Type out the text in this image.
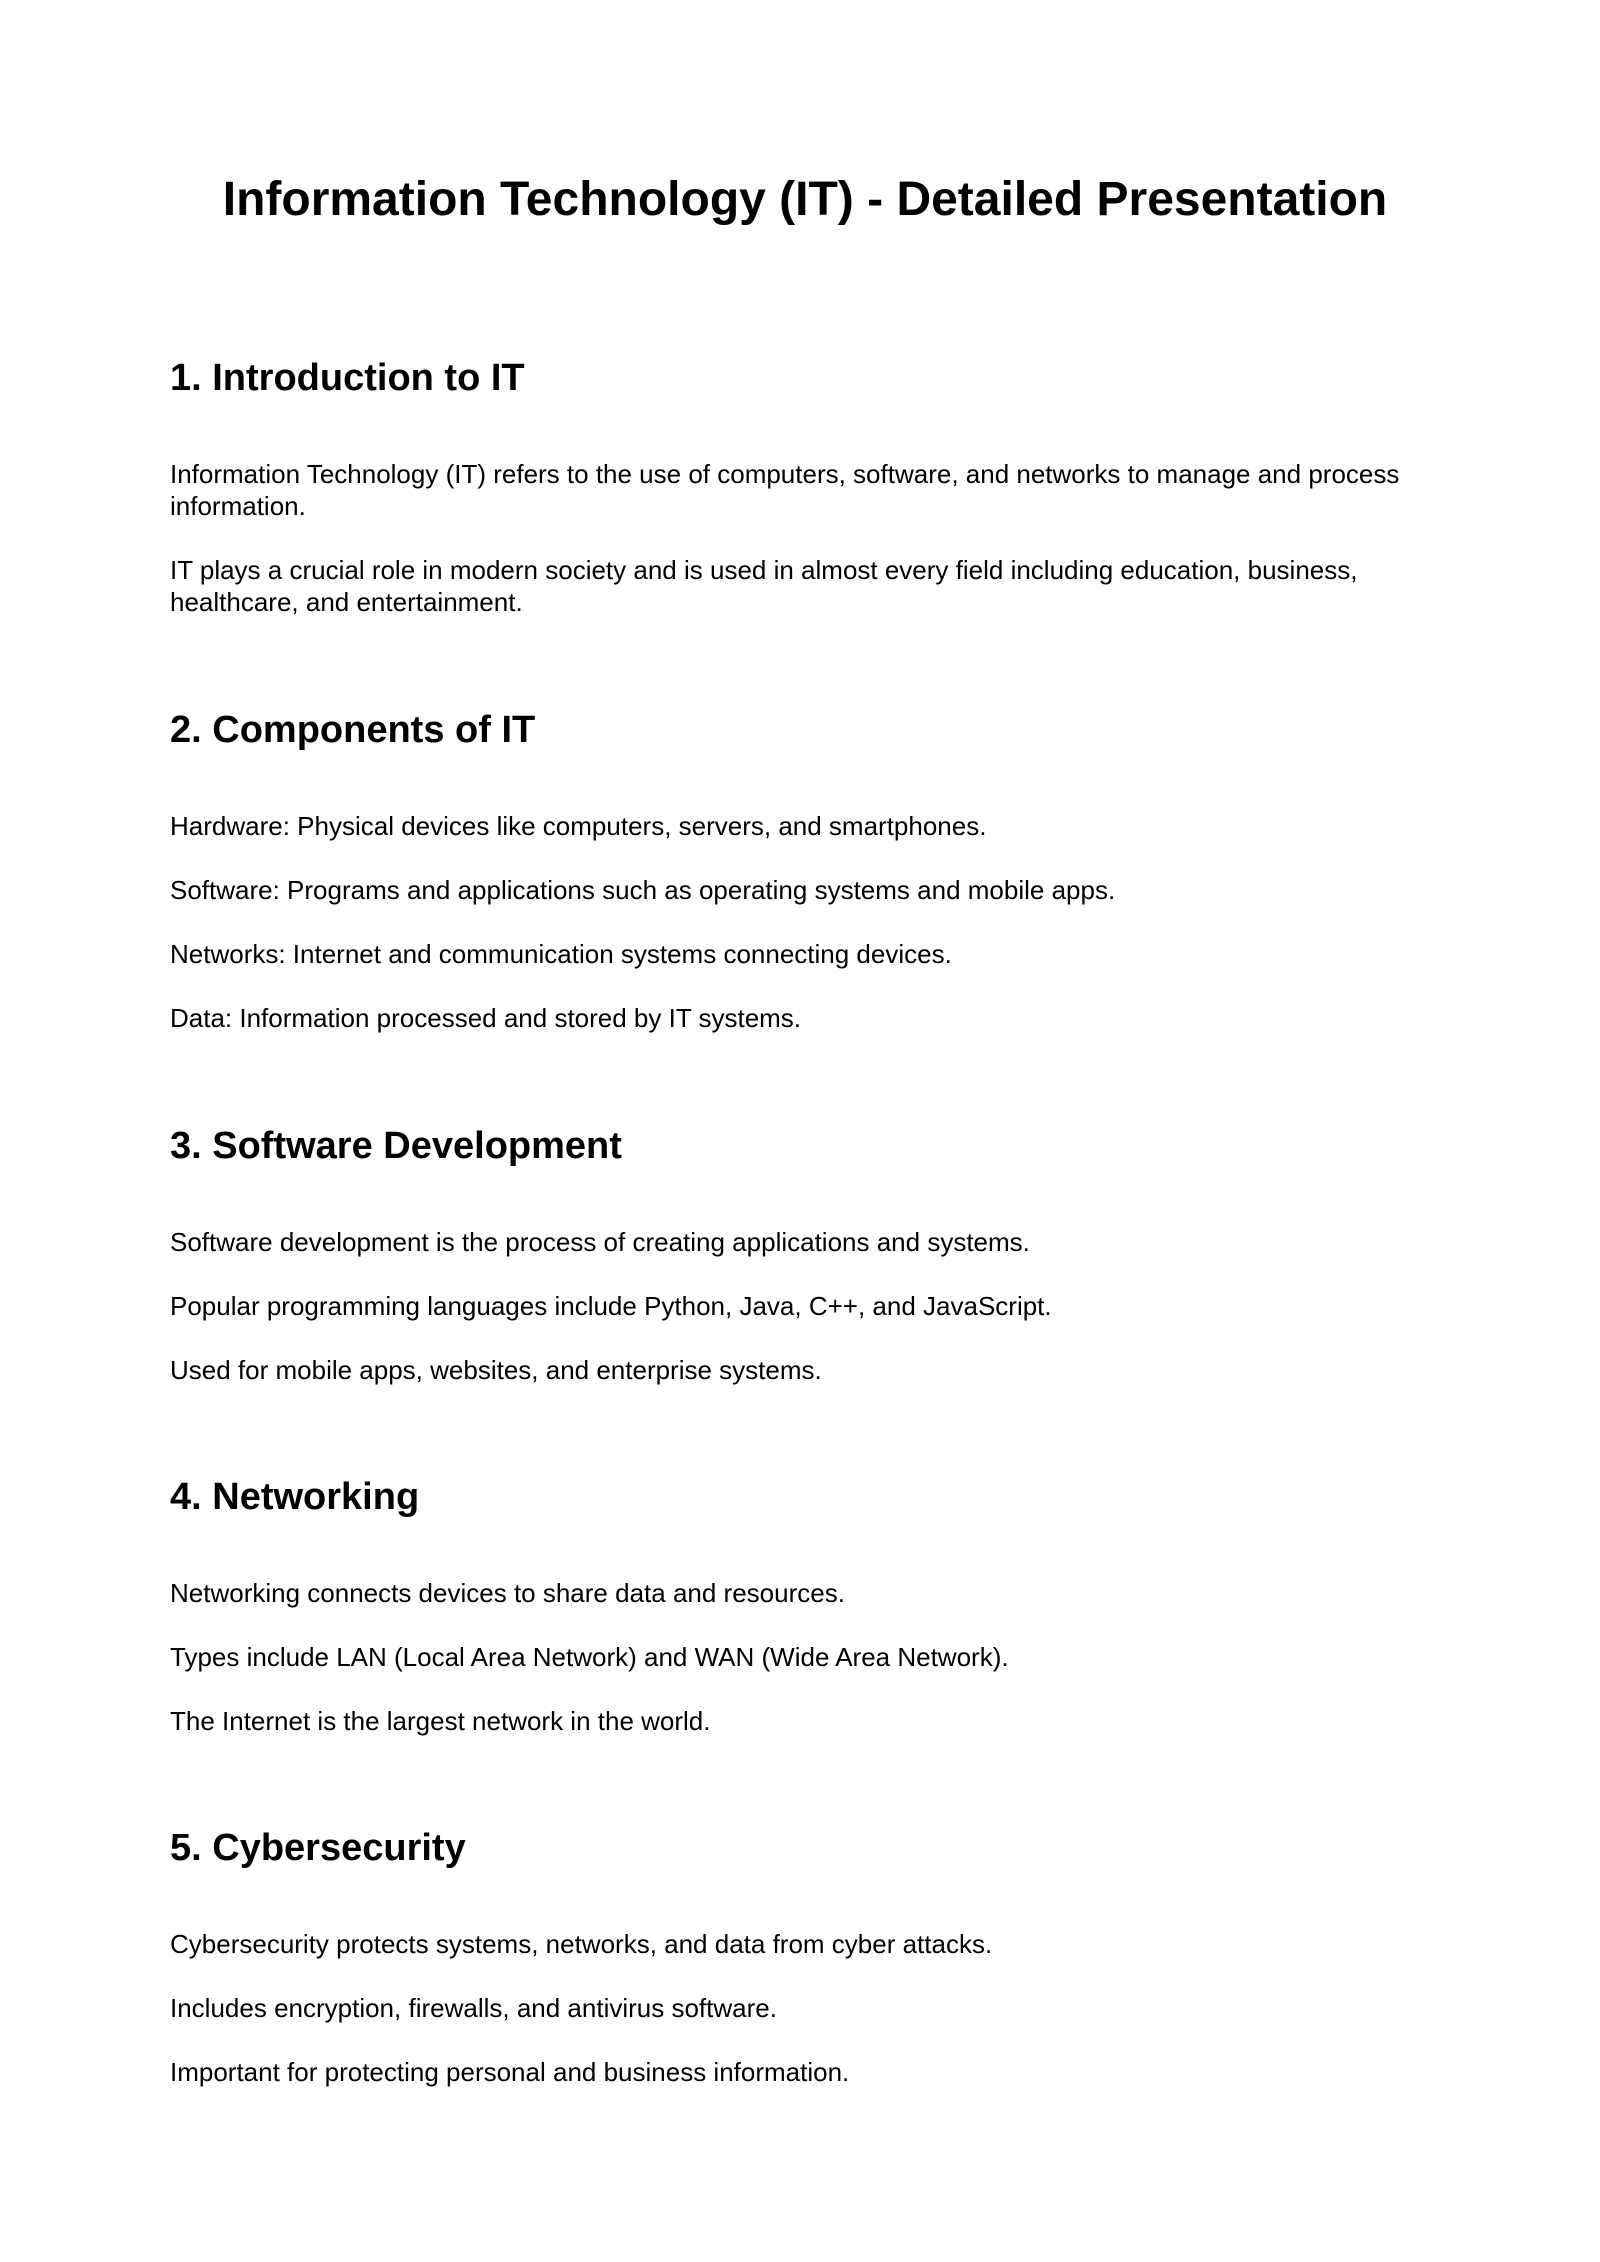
Information Technology (IT) - Detailed Presentation
1. Introduction to IT

Information Technology (IT) refers to the use of computers, software, and networks to manage and process information.

IT plays a crucial role in modern society and is used in almost every field including education, business, healthcare, and entertainment.

2. Components of IT

Hardware: Physical devices like computers, servers, and smartphones.

Software: Programs and applications such as operating systems and mobile apps.

Networks: Internet and communication systems connecting devices.

Data: Information processed and stored by IT systems.

3. Software Development

Software development is the process of creating applications and systems.

Popular programming languages include Python, Java, C++, and JavaScript.

Used for mobile apps, websites, and enterprise systems.

4. Networking

Networking connects devices to share data and resources.

Types include LAN (Local Area Network) and WAN (Wide Area Network).

The Internet is the largest network in the world.

5. Cybersecurity

Cybersecurity protects systems, networks, and data from cyber attacks.

Includes encryption, firewalls, and antivirus software.

Important for protecting personal and business information.
